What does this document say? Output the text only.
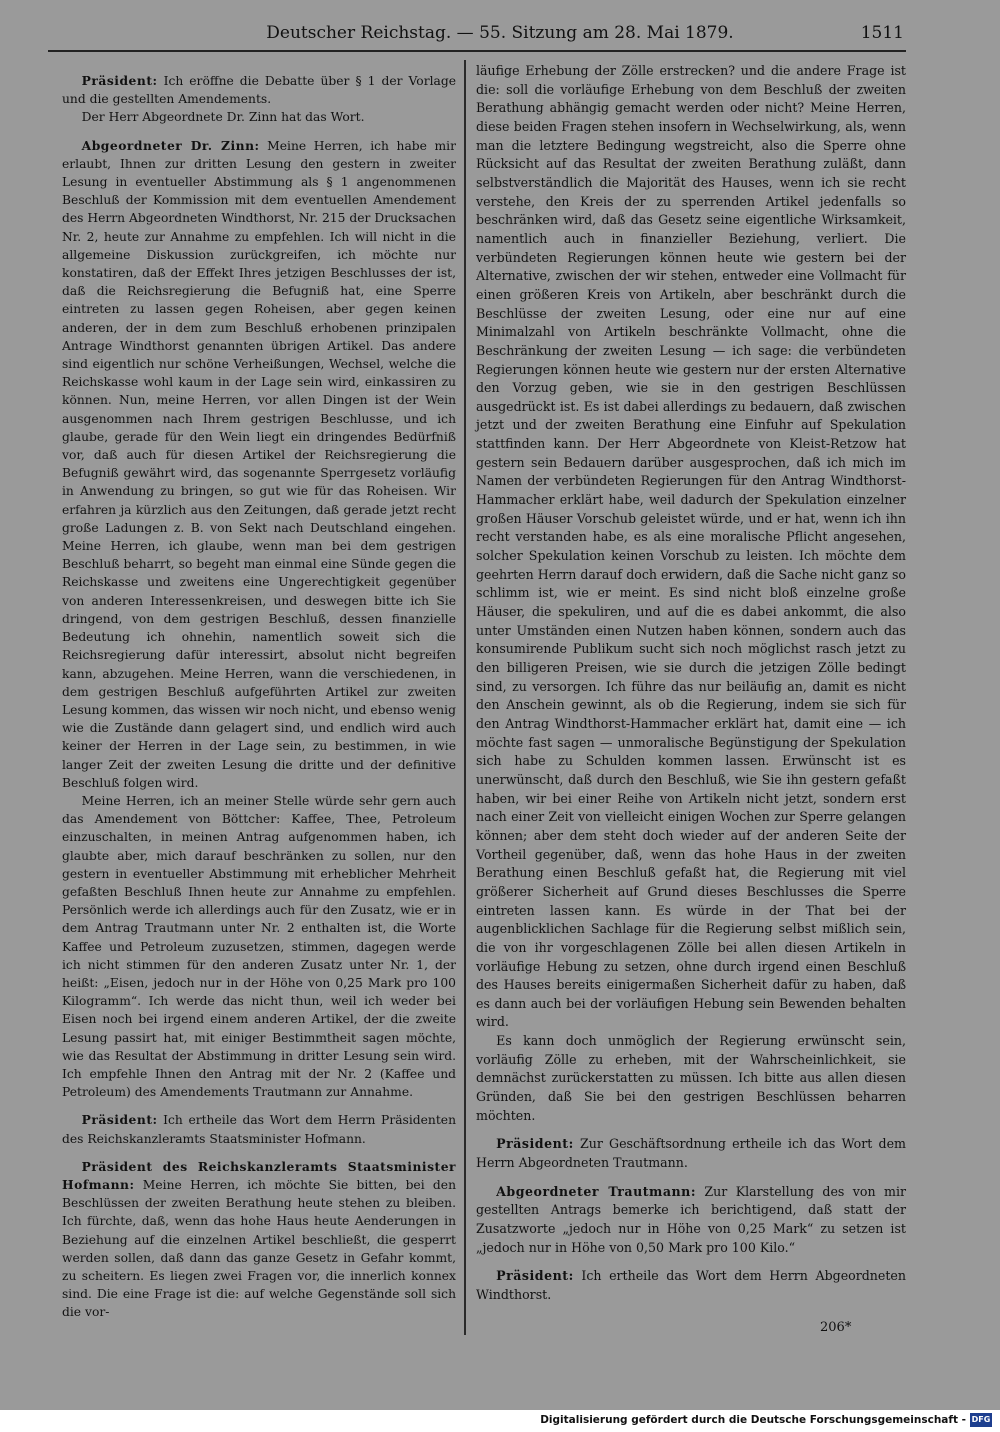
Deutscher Reichstag. — 55. Sitzung am 28. Mai 1879.	1511

Präsident: Ich eröffne die Debatte über § 1 der Vorlage und die gestellten Amendements.

Der Herr Abgeordnete Dr. Zinn hat das Wort.

Abgeordneter Dr. Zinn: Meine Herren, ich habe mir erlaubt, Ihnen zur dritten Lesung den gestern in zweiter Lesung in eventueller Abstimmung als § 1 angenommenen Beschluß der Kommission mit dem eventuellen Amendement des Herrn Abgeordneten Windthorst, Nr. 215 der Drucksachen Nr. 2, heute zur Annahme zu empfehlen. Ich will nicht in die allgemeine Diskussion zurückgreifen, ich möchte nur konstatiren, daß der Effekt Ihres jetzigen Beschlusses der ist, daß die Reichsregierung die Befugniß hat, eine Sperre eintreten zu lassen gegen Roheisen, aber gegen keinen anderen, der in dem zum Beschluß erhobenen prinzipalen Antrage Windthorst genannten übrigen Artikel. Das andere sind eigentlich nur schöne Verheißungen, Wechsel, welche die Reichskasse wohl kaum in der Lage sein wird, einkassiren zu können. Nun, meine Herren, vor allen Dingen ist der Wein ausgenommen nach Ihrem gestrigen Beschlusse, und ich glaube, gerade für den Wein liegt ein dringendes Bedürfniß vor, daß auch für diesen Artikel der Reichsregierung die Befugniß gewährt wird, das sogenannte Sperrgesetz vorläufig in Anwendung zu bringen, so gut wie für das Roheisen. Wir erfahren ja kürzlich aus den Zeitungen, daß gerade jetzt recht große Ladungen z. B. von Sekt nach Deutschland eingehen. Meine Herren, ich glaube, wenn man bei dem gestrigen Beschluß beharrt, so begeht man einmal eine Sünde gegen die Reichskasse und zweitens eine Ungerechtigkeit gegenüber von anderen Interessenkreisen, und deswegen bitte ich Sie dringend, von dem gestrigen Beschluß, dessen finanzielle Bedeutung ich ohnehin, namentlich soweit sich die Reichsregierung dafür interessirt, absolut nicht begreifen kann, abzugehen. Meine Herren, wann die verschiedenen, in dem gestrigen Beschluß aufgeführten Artikel zur zweiten Lesung kommen, das wissen wir noch nicht, und ebenso wenig wie die Zustände dann gelagert sind, und endlich wird auch keiner der Herren in der Lage sein, zu bestimmen, in wie langer Zeit der zweiten Lesung die dritte und der definitive Beschluß folgen wird.

Meine Herren, ich an meiner Stelle würde sehr gern auch das Amendement von Böttcher: Kaffee, Thee, Petroleum einzuschalten, in meinen Antrag aufgenommen haben, ich glaubte aber, mich darauf beschränken zu sollen, nur den gestern in eventueller Abstimmung mit erheblicher Mehrheit gefaßten Beschluß Ihnen heute zur Annahme zu empfehlen. Persönlich werde ich allerdings auch für den Zusatz, wie er in dem Antrag Trautmann unter Nr. 2 enthalten ist, die Worte Kaffee und Petroleum zuzusetzen, stimmen, dagegen werde ich nicht stimmen für den anderen Zusatz unter Nr. 1, der heißt: „Eisen, jedoch nur in der Höhe von 0,25 Mark pro 100 Kilogramm“. Ich werde das nicht thun, weil ich weder bei Eisen noch bei irgend einem anderen Artikel, der die zweite Lesung passirt hat, mit einiger Bestimmtheit sagen möchte, wie das Resultat der Abstimmung in dritter Lesung sein wird. Ich empfehle Ihnen den Antrag mit der Nr. 2 (Kaffee und Petroleum) des Amendements Trautmann zur Annahme.

Präsident: Ich ertheile das Wort dem Herrn Präsidenten des Reichskanzleramts Staatsminister Hofmann.

Präsident des Reichskanzleramts Staatsminister Hofmann: Meine Herren, ich möchte Sie bitten, bei den Beschlüssen der zweiten Berathung heute stehen zu bleiben. Ich fürchte, daß, wenn das hohe Haus heute Aenderungen in Beziehung auf die einzelnen Artikel beschließt, die gesperrt werden sollen, daß dann das ganze Gesetz in Gefahr kommt, zu scheitern. Es liegen zwei Fragen vor, die innerlich konnex sind. Die eine Frage ist die: auf welche Gegenstände soll sich die vor-

läufige Erhebung der Zölle erstrecken? und die andere Frage ist die: soll die vorläufige Erhebung von dem Beschluß der zweiten Berathung abhängig gemacht werden oder nicht? Meine Herren, diese beiden Fragen stehen insofern in Wechselwirkung, als, wenn man die letztere Bedingung wegstreicht, also die Sperre ohne Rücksicht auf das Resultat der zweiten Berathung zuläßt, dann selbstverständlich die Majorität des Hauses, wenn ich sie recht verstehe, den Kreis der zu sperrenden Artikel jedenfalls so beschränken wird, daß das Gesetz seine eigentliche Wirksamkeit, namentlich auch in finanzieller Beziehung, verliert. Die verbündeten Regierungen können heute wie gestern bei der Alternative, zwischen der wir stehen, entweder eine Vollmacht für einen größeren Kreis von Artikeln, aber beschränkt durch die Beschlüsse der zweiten Lesung, oder eine nur auf eine Minimalzahl von Artikeln beschränkte Vollmacht, ohne die Beschränkung der zweiten Lesung — ich sage: die verbündeten Regierungen können heute wie gestern nur der ersten Alternative den Vorzug geben, wie sie in den gestrigen Beschlüssen ausgedrückt ist. Es ist dabei allerdings zu bedauern, daß zwischen jetzt und der zweiten Berathung eine Einfuhr auf Spekulation stattfinden kann. Der Herr Abgeordnete von Kleist-Retzow hat gestern sein Bedauern darüber ausgesprochen, daß ich mich im Namen der verbündeten Regierungen für den Antrag Windthorst-Hammacher erklärt habe, weil dadurch der Spekulation einzelner großen Häuser Vorschub geleistet würde, und er hat, wenn ich ihn recht verstanden habe, es als eine moralische Pflicht angesehen, solcher Spekulation keinen Vorschub zu leisten. Ich möchte dem geehrten Herrn darauf doch erwidern, daß die Sache nicht ganz so schlimm ist, wie er meint. Es sind nicht bloß einzelne große Häuser, die spekuliren, und auf die es dabei ankommt, die also unter Umständen einen Nutzen haben können, sondern auch das konsumirende Publikum sucht sich noch möglichst rasch jetzt zu den billigeren Preisen, wie sie durch die jetzigen Zölle bedingt sind, zu versorgen. Ich führe das nur beiläufig an, damit es nicht den Anschein gewinnt, als ob die Regierung, indem sie sich für den Antrag Windthorst-Hammacher erklärt hat, damit eine — ich möchte fast sagen — unmoralische Begünstigung der Spekulation sich habe zu Schulden kommen lassen. Erwünscht ist es unerwünscht, daß durch den Beschluß, wie Sie ihn gestern gefaßt haben, wir bei einer Reihe von Artikeln nicht jetzt, sondern erst nach einer Zeit von vielleicht einigen Wochen zur Sperre gelangen können; aber dem steht doch wieder auf der anderen Seite der Vortheil gegenüber, daß, wenn das hohe Haus in der zweiten Berathung einen Beschluß gefaßt hat, die Regierung mit viel größerer Sicherheit auf Grund dieses Beschlusses die Sperre eintreten lassen kann. Es würde in der That bei der augenblicklichen Sachlage für die Regierung selbst mißlich sein, die von ihr vorgeschlagenen Zölle bei allen diesen Artikeln in vorläufige Hebung zu setzen, ohne durch irgend einen Beschluß des Hauses bereits einigermaßen Sicherheit dafür zu haben, daß es dann auch bei der vorläufigen Hebung sein Bewenden behalten wird.

Es kann doch unmöglich der Regierung erwünscht sein, vorläufig Zölle zu erheben, mit der Wahrscheinlichkeit, sie demnächst zurückerstatten zu müssen. Ich bitte aus allen diesen Gründen, daß Sie bei den gestrigen Beschlüssen beharren möchten.

Präsident: Zur Geschäftsordnung ertheile ich das Wort dem Herrn Abgeordneten Trautmann.

Abgeordneter Trautmann: Zur Klarstellung des von mir gestellten Antrags bemerke ich berichtigend, daß statt der Zusatzworte „jedoch nur in Höhe von 0,25 Mark“ zu setzen ist „jedoch nur in Höhe von 0,50 Mark pro 100 Kilo.“

Präsident: Ich ertheile das Wort dem Herrn Abgeordneten Windthorst.

206*
Digitalisierung gefördert durch die Deutsche Forschungsgemeinschaft - DFG
